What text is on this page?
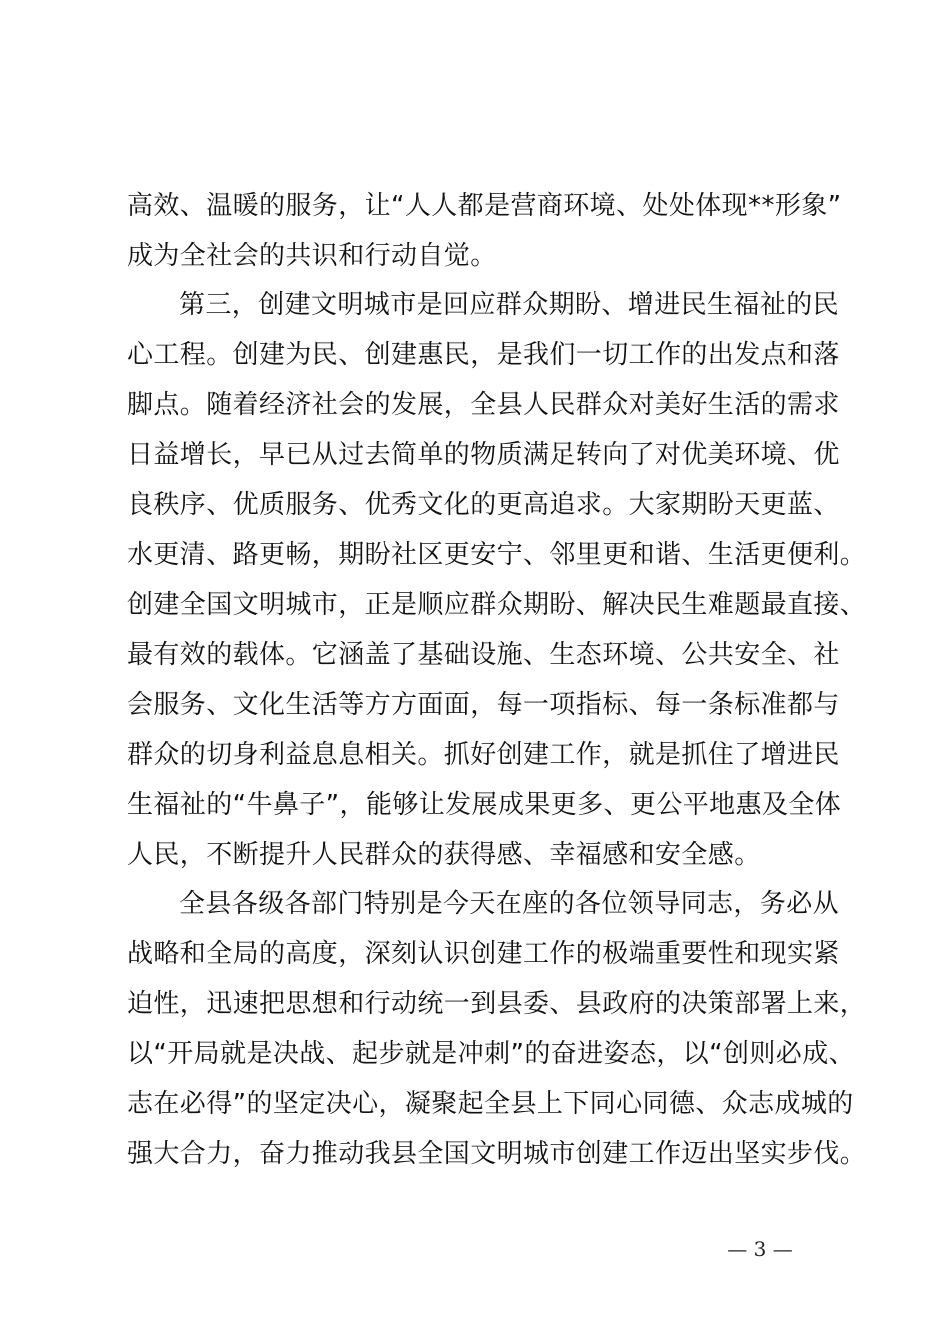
高效、温暖的服务，让“人人都是营商环境、处处体现**形象”
成为全社会的共识和行动自觉。
第三，创建文明城市是回应群众期盼、增进民生福祉的民
心工程。创建为民、创建惠民，是我们一切工作的出发点和落
脚点。随着经济社会的发展，全县人民群众对美好生活的需求
日益增长，早已从过去简单的物质满足转向了对优美环境、优
良秩序、优质服务、优秀文化的更高追求。大家期盼天更蓝、
水更清、路更畅，期盼社区更安宁、邻里更和谐、生活更便利。
创建全国文明城市，正是顺应群众期盼、解决民生难题最直接、
最有效的载体。它涵盖了基础设施、生态环境、公共安全、社
会服务、文化生活等方方面面，每一项指标、每一条标准都与
群众的切身利益息息相关。抓好创建工作，就是抓住了增进民
生福祉的“牛鼻子”，能够让发展成果更多、更公平地惠及全体
人民，不断提升人民群众的获得感、幸福感和安全感。
全县各级各部门特别是今天在座的各位领导同志，务必从
战略和全局的高度，深刻认识创建工作的极端重要性和现实紧
迫性，迅速把思想和行动统一到县委、县政府的决策部署上来，
以“开局就是决战、起步就是冲刺”的奋进姿态，以“创则必成、
志在必得”的坚定决心，凝聚起全县上下同心同德、众志成城的
强大合力，奋力推动我县全国文明城市创建工作迈出坚实步伐。
— 3 —
